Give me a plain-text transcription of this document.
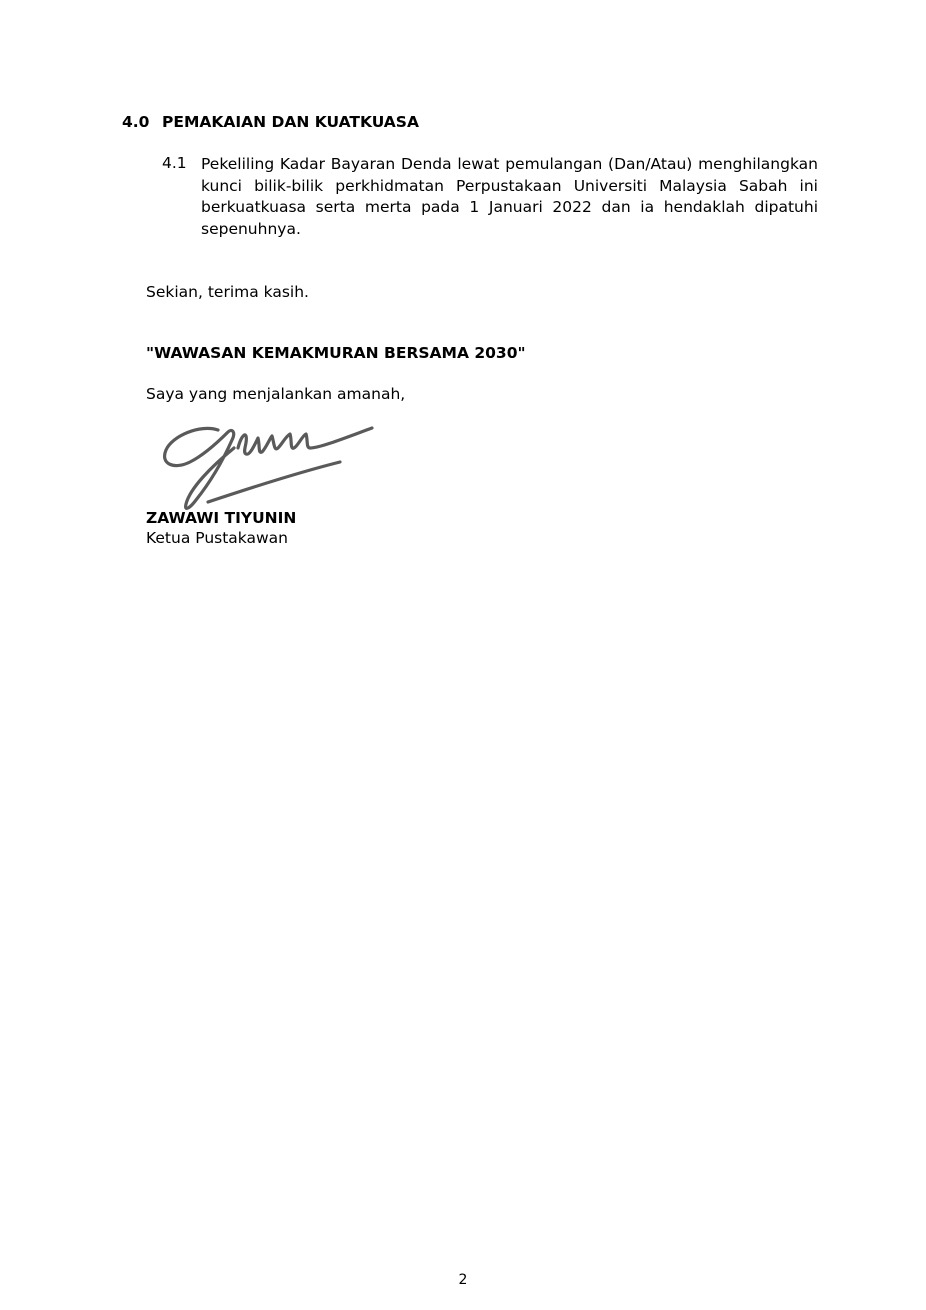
4.0 PEMAKAIAN DAN KUATKUASA
4.1 Pekeliling Kadar Bayaran Denda lewat pemulangan (Dan/Atau) menghilangkan kunci bilik-bilik perkhidmatan Perpustakaan Universiti Malaysia Sabah ini berkuatkuasa serta merta pada 1 Januari 2022 dan ia hendaklah dipatuhi sepenuhnya.
Sekian, terima kasih.
"WAWASAN KEMAKMURAN BERSAMA 2030"
Saya yang menjalankan amanah,
ZAWAWI TIYUNIN
Ketua Pustakawan
2
